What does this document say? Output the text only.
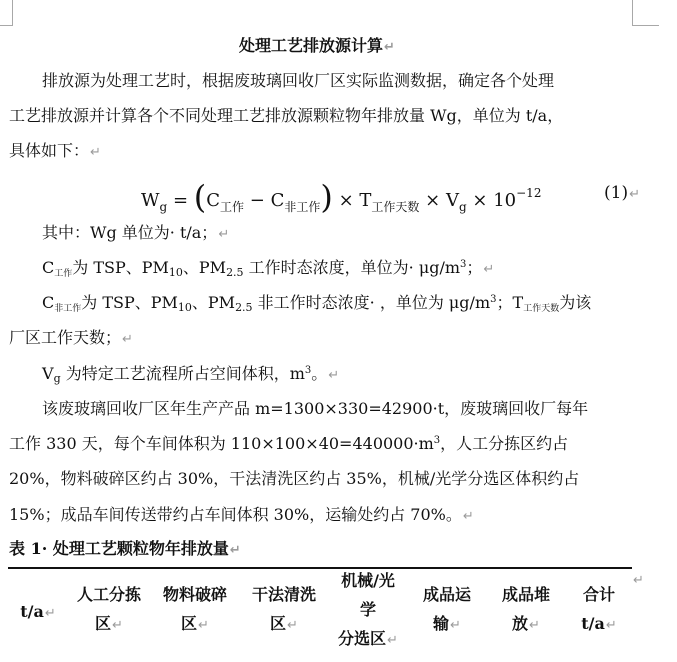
处理工艺排放源计算↵
排放源为处理工艺时，根据废玻璃回收厂区实际监测数据，确定各个处理
工艺排放源并计算各个不同处理工艺排放源颗粒物年排放量 Wg，单位为 t/a，
具体如下：↵
$W_g = (C_{工作} - C_{非工作}) \times T_{工作天数} \times V_g \times 10^{-12}$	(1)↵
其中：Wg 单位为· t/a；↵
$C_{工作}$为 TSP、$PM_{10}$、$PM_{2.5}$ 工作时态浓度，单位为· $\mu g/m^3$；↵
$C_{非工作}$为 TSP、$PM_{10}$、$PM_{2.5}$ 非工作时态浓度· ，单位为 $\mu g/m^3$；$T_{工作天数}$为该
厂区工作天数；↵
$V_g$ 为特定工艺流程所占空间体积，$m^3$。↵
该废玻璃回收厂区年生产产品 m=1300×330=42900·t，废玻璃回收厂每年
工作 330 天，每个车间体积为 $110\times 100\times 40=440000\cdot m^3$，人工分拣区约占
20%，物料破碎区约占 30%，干法清洗区约占 35%，机械/光学分选区体积约占
15%；成品车间传送带约占车间体积 30%，运输处约占 70%。↵
表 1· 处理工艺颗粒物年排放量↵
t/a↵
人工分拣
区↵
物料破碎
区↵
干法清洗
区↵
机械/光
学
分选区↵
成品运
输↵
成品堆
放↵
合计
t/a↵
↵
